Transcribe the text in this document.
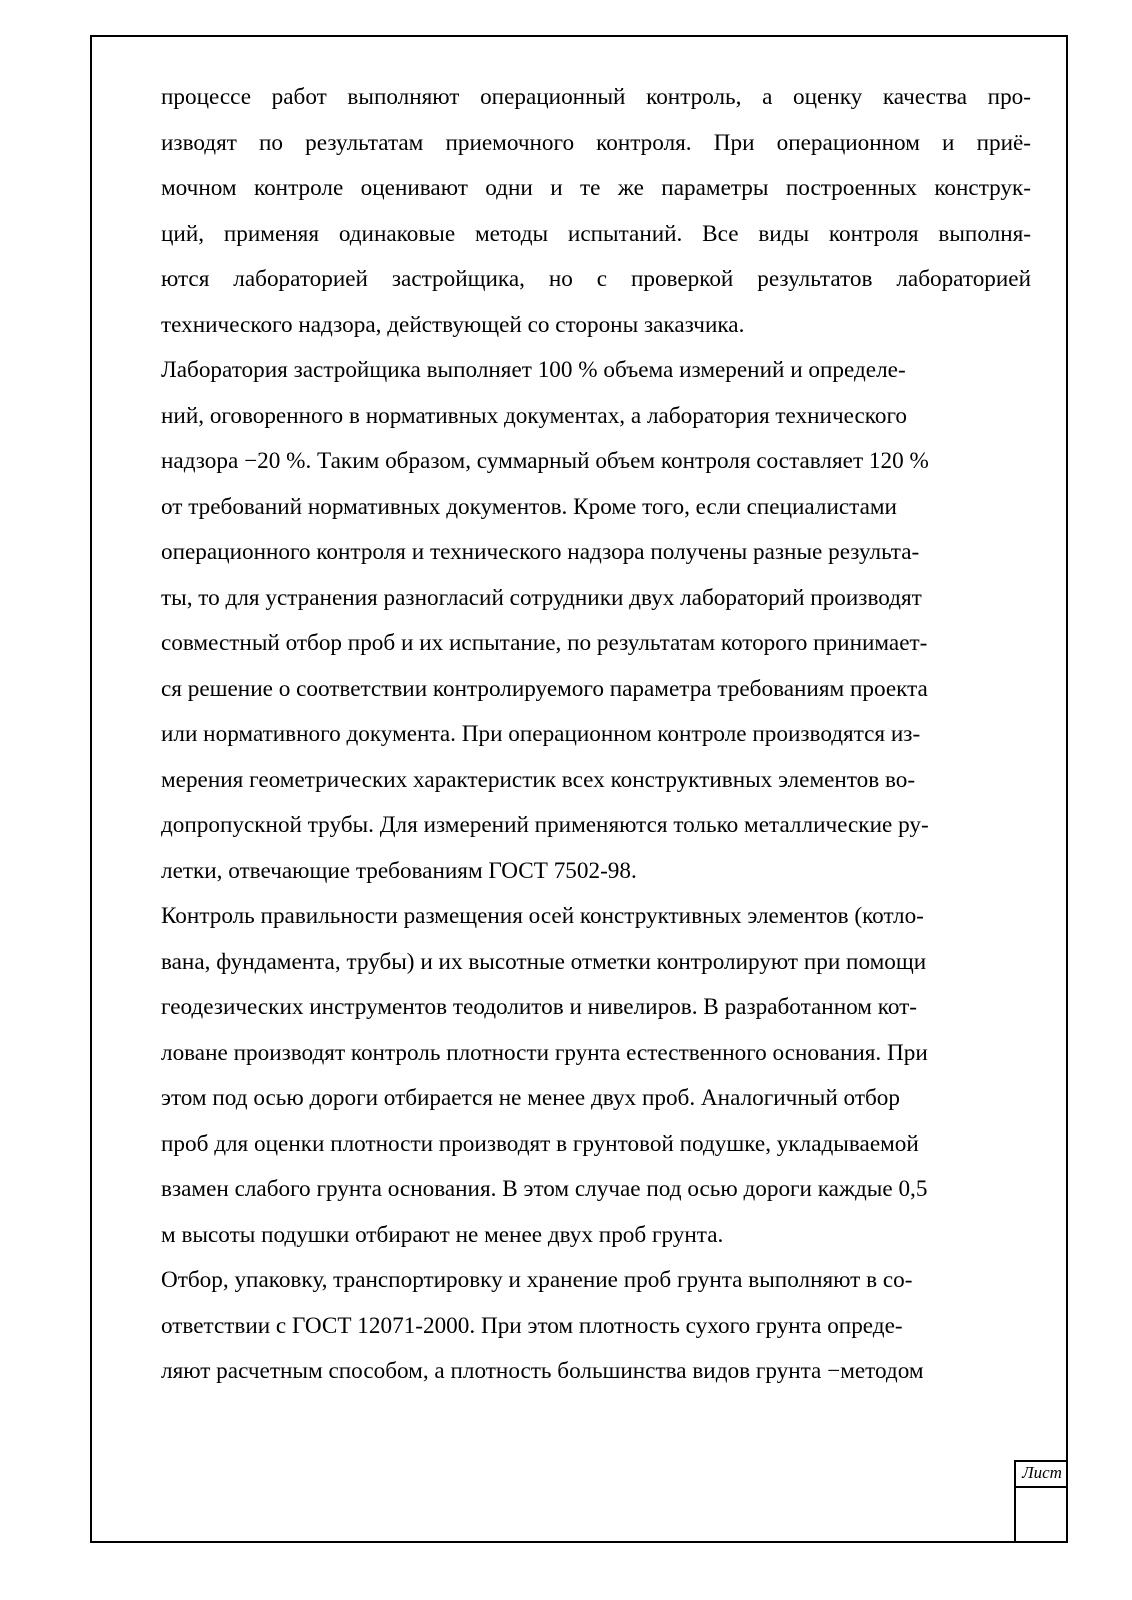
процессе работ выполняют операционный контроль, а оценку качества про-
изводят по результатам приемочного контроля. При операционном и приё-
мочном контроле оценивают одни и те же параметры построенных конструк-
ций, применяя одинаковые методы испытаний. Все виды контроля выполня-
ются лабораторией застройщика, но с проверкой результатов лабораторией
технического надзора, действующей со стороны заказчика.
Лаборатория застройщика выполняет 100 % объема измерений и определе-
ний, оговоренного в нормативных документах, а лаборатория технического
надзора −20 %. Таким образом, суммарный объем контроля составляет 120 %
от требований нормативных документов. Кроме того, если специалистами
операционного контроля и технического надзора получены разные результа-
ты, то для устранения разногласий сотрудники двух лабораторий производят
совместный отбор проб и их испытание, по результатам которого принимает-
ся решение о соответствии контролируемого параметра требованиям проекта
или нормативного документа. При операционном контроле производятся из-
мерения геометрических характеристик всех конструктивных элементов во-
допропускной трубы. Для измерений применяются только металлические ру-
летки, отвечающие требованиям ГОСТ 7502-98.
Контроль правильности размещения осей конструктивных элементов (котло-
вана, фундамента, трубы) и их высотные отметки контролируют при помощи
геодезических инструментов теодолитов и нивелиров. В разработанном кот-
ловане производят контроль плотности грунта естественного основания. При
этом под осью дороги отбирается не менее двух проб. Аналогичный отбор
проб для оценки плотности производят в грунтовой подушке, укладываемой
взамен слабого грунта основания. В этом случае под осью дороги каждые 0,5
м высоты подушки отбирают не менее двух проб грунта.
Отбор, упаковку, транспортировку и хранение проб грунта выполняют в со-
ответствии с ГОСТ 12071-2000. При этом плотность сухого грунта опреде-
ляют расчетным способом, а плотность большинства видов грунта −методом
Лист
